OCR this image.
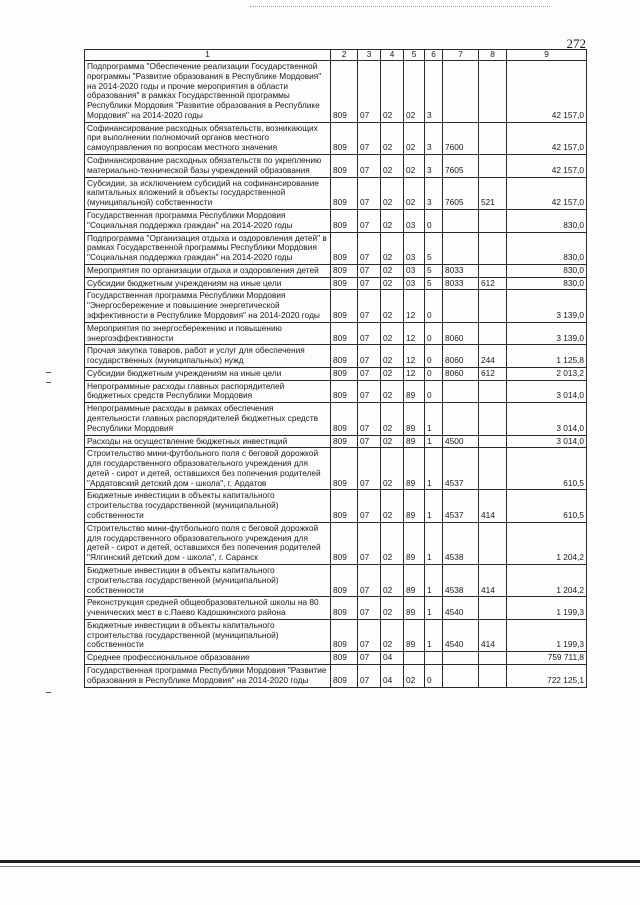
272
1	2	3	4	5	6	7	8	9
Подпрограмма "Обеспечение реализации Государственной программы "Развитие образования в Республике Мордовия" на 2014-2020 годы и прочие мероприятия в области образования" в рамках Государственной программы Республики Мордовия "Развитие образования в Республике Мордовия" на 2014-2020 годы	809	07	02	02	3			42 157,0
Софинансирование расходных обязательств, возникающих при выполнении полномочий органов местного самоуправления по вопросам местного значения	809	07	02	02	3	7600		42 157,0
Софинансирование расходных обязательств по укреплению материально-технической базы учреждений образования	809	07	02	02	3	7605		42 157,0
Субсидии, за исключением субсидий на софинансирование капитальных вложений в объекты государственной (муниципальной) собственности	809	07	02	02	3	7605	521	42 157,0
Государственная программа Республики Мордовия "Социальная поддержка граждан" на 2014-2020 годы	809	07	02	03	0			830,0
Подпрограмма "Организация отдыха и оздоровления детей" в рамках Государственной программы Республики Мордовия "Социальная поддержка граждан" на 2014-2020 годы	809	07	02	03	5			830,0
Мероприятия по организации отдыха и оздоровления детей	809	07	02	03	5	8033		830,0
Субсидии бюджетным учреждениям на иные цели	809	07	02	03	5	8033	612	830,0
Государственная программа Республики Мордовия "Энергосбережение и повышение энергетической эффективности в Республике Мордовия" на 2014-2020 годы	809	07	02	12	0			3 139,0
Мероприятия по энергосбережению и повышению энергоэффективности	809	07	02	12	0	8060		3 139,0
Прочая закупка товаров, работ и услуг для обеспечения государственных (муниципальных) нужд	809	07	02	12	0	8060	244	1 125,8
Субсидии бюджетным учреждениям на иные цели	809	07	02	12	0	8060	612	2 013,2
Непрограммные расходы главных распорядителей бюджетных средств Республики Мордовия	809	07	02	89	0			3 014,0
Непрограммные расходы в рамках обеспечения деятельности главных распорядителей бюджетных средств Республики Мордовия	809	07	02	89	1			3 014,0
Расходы на осуществление бюджетных инвестиций	809	07	02	89	1	4500		3 014,0
Строительство мини-футбольного поля с беговой дорожкой для государственного образовательного учреждения для детей - сирот и детей, оставшихся без попечения родителей "Ардатовский детский дом - школа", г. Ардатов	809	07	02	89	1	4537		610,5
Бюджетные инвестиции в объекты капитального строительства государственной (муниципальной) собственности	809	07	02	89	1	4537	414	610,5
Строительство мини-футбольного поля с беговой дорожкой для государственного образовательного учреждения для детей - сирот и детей, оставшихся без попечения родителей "Ялгинский детский дом - школа", г. Саранск	809	07	02	89	1	4538		1 204,2
Бюджетные инвестиции в объекты капитального строительства государственной (муниципальной) собственности	809	07	02	89	1	4538	414	1 204,2
Реконструкция средней общеобразовательной школы на 80 ученических мест в с.Паево Кадошкинского района	809	07	02	89	1	4540		1 199,3
Бюджетные инвестиции в объекты капитального строительства государственной (муниципальной) собственности	809	07	02	89	1	4540	414	1 199,3
Среднее профессиональное образование	809	07	04					759 711,8
Государственная программа Республики Мордовия "Развитие образования в Республике Мордовия" на 2014-2020 годы	809	07	04	02	0			722 125,1
